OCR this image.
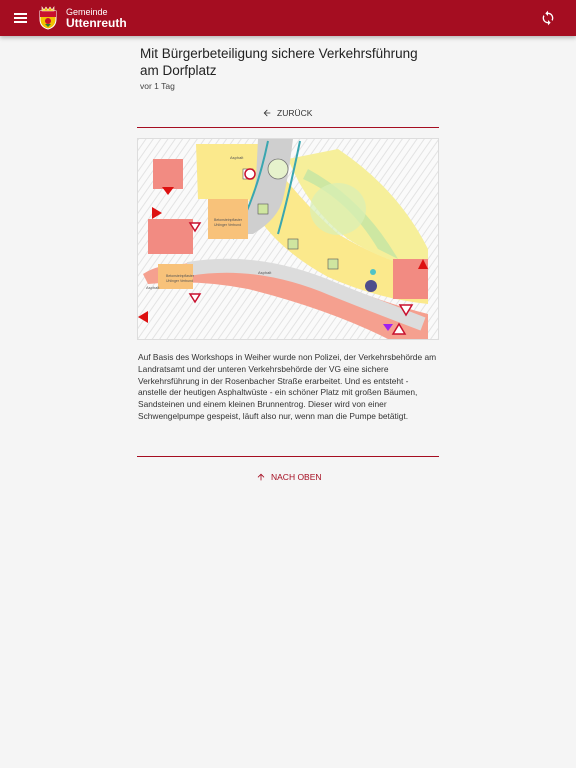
Gemeinde
Uttenreuth
Mit Bürgerbeteiligung sichere Verkehrsführung am Dorfplatz
vor 1 Tag
ZURÜCK
Asphalt
Asphalt
Asphalt
Betonsteinpflaster
Uhlinger Verbund
Betonsteinpflaster
Uhlinger Verbund

Auf Basis des Workshops in Weiher wurde non Polizei, der Verkehrsbehörde am Landratsamt und der unteren Verkehrsbehörde der VG eine sichere Verkehrsführung in der Rosenbacher Straße erarbeitet. Und es entsteht - anstelle der heutigen Asphaltwüste - ein schöner Platz mit großen Bäumen, Sandsteinen und einem kleinen Brunnentrog. Dieser wird von einer Schwengelpumpe gespeist, läuft also nur, wenn man die Pumpe betätigt.

NACH OBEN
